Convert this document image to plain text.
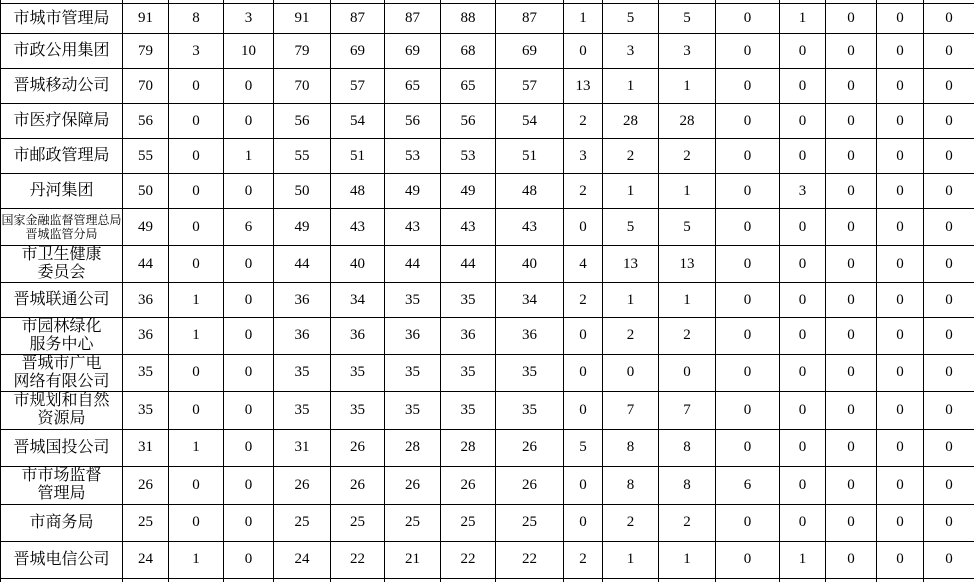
市城市管理局	91	8	3	91	87	87	88	87	1	5	5	0	1	0	0	0

市政公用集团	79	3	10	79	69	69	68	69	0	3	3	0	0	0	0	0

晋城移动公司	70	0	0	70	57	65	65	57	13	1	1	0	0	0	0	0

市医疗保障局	56	0	0	56	54	56	56	54	2	28	28	0	0	0	0	0

市邮政管理局	55	0	1	55	51	53	53	51	3	2	2	0	0	0	0	0

丹河集团	50	0	0	50	48	49	49	48	2	1	1	0	3	0	0	0

国家金融监督管理总局
晋城监管分局	49	0	6	49	43	43	43	43	0	5	5	0	0	0	0	0

市卫生健康
委员会	44	0	0	44	40	44	44	40	4	13	13	0	0	0	0	0

晋城联通公司	36	1	0	36	34	35	35	34	2	1	1	0	0	0	0	0

市园林绿化
服务中心	36	1	0	36	36	36	36	36	0	2	2	0	0	0	0	0

晋城市广电
网络有限公司	35	0	0	35	35	35	35	35	0	0	0	0	0	0	0	0

市规划和自然
资源局	35	0	0	35	35	35	35	35	0	7	7	0	0	0	0	0

晋城国投公司	31	1	0	31	26	28	28	26	5	8	8	0	0	0	0	0

市市场监督
管理局	26	0	0	26	26	26	26	26	0	8	8	6	0	0	0	0

市商务局	25	0	0	25	25	25	25	25	0	2	2	0	0	0	0	0

晋城电信公司	24	1	0	24	22	21	22	22	2	1	1	0	1	0	0	0
